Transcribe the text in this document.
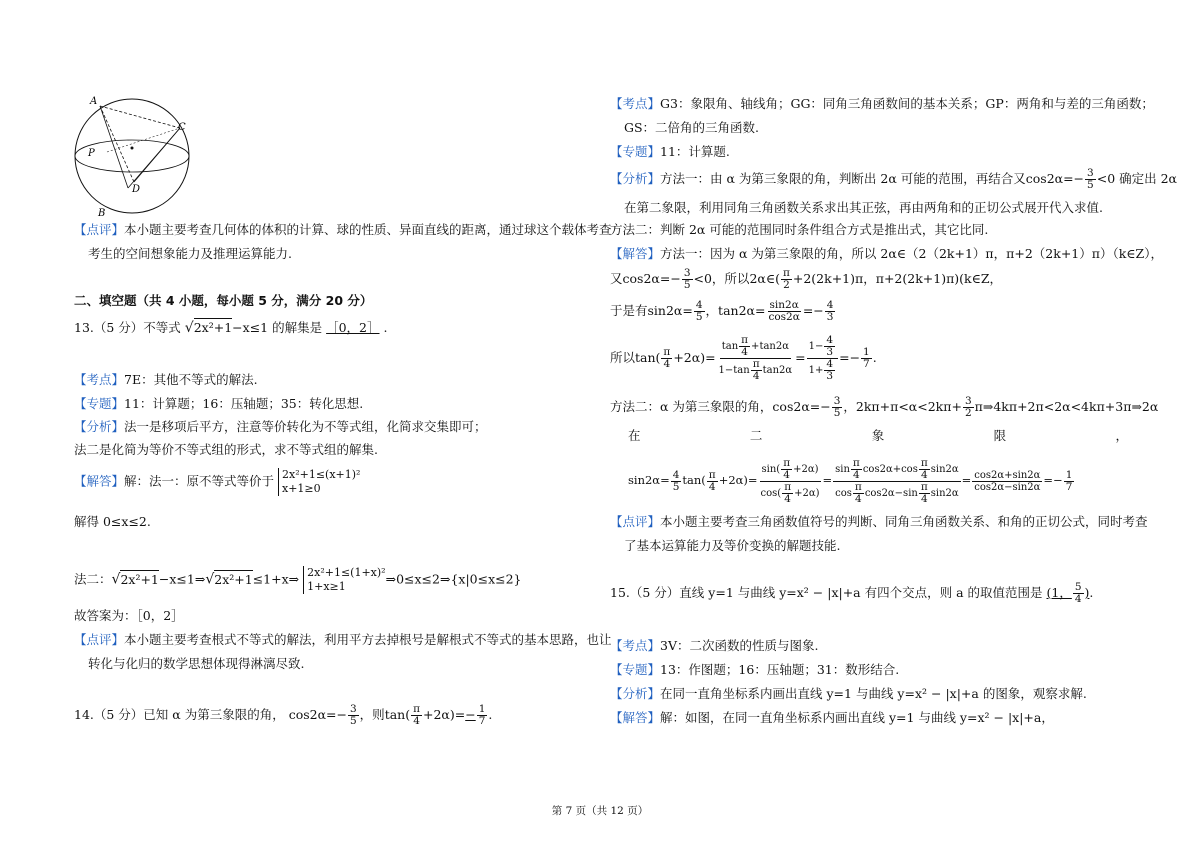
A
B
C
D
P
【点评】本小题主要考查几何体的体积的计算、球的性质、异面直线的距离，通过球这个载体考查
考生的空间想象能力及推理运算能力.
二、填空题（共 4 小题，每小题 5 分，满分 20 分）
13.（5 分）不等式 √2x²+1−x≤1 的解集是 ［0，2］ .
【考点】7E：其他不等式的解法.
【专题】11：计算题；16：压轴题；35：转化思想.
【分析】法一是移项后平方，注意等价转化为不等式组，化简求交集即可；
法二是化简为等价不等式组的形式，求不等式组的解集.
【解答】解：法一：原不等式等价于 2x²+1≤(x+1)²
x+1≥0
解得 0≤x≤2.
法二：√2x²+1−x≤1⇒√2x²+1≤1+x⇒ 2x²+1≤(1+x)²
1+x≥1	⇒0≤x≤2⇒{x|0≤x≤2}
故答案为：［0，2］
【点评】本小题主要考查根式不等式的解法，利用平方去掉根号是解根式不等式的基本思路，也让
转化与化归的数学思想体现得淋漓尽致.
14.（5 分）已知 α 为第三象限的角， $\cos 2\alpha=- \frac{3}{5}$ ，则$\tan( \frac{\pi}{4} +2\alpha)=- \frac{1}{7}$ .
【考点】G3：象限角、轴线角；GG：同角三角函数间的基本关系；GP：两角和与差的三角函数；
GS：二倍角的三角函数.
【专题】11：计算题.
【分析】方法一：由 α 为第三象限的角，判断出 2α 可能的范围，再结合又$\cos 2\alpha=- \frac{3}{5} <0$ 确定出 2α
在第二象限，利用同角三角函数关系求出其正弦，再由两角和的正切公式展开代入求值.
方法二：判断 2α 可能的范围同时条件组合方式是推出式，其它比同.
【解答】方法一：因为 α 为第三象限的角，所以 2α∈（2（2k+1）π，π+2（2k+1）π）（k∈Z），
又$\cos 2\alpha=- \frac{3}{5} <0$，所以2α∈( $\frac{\pi}{2} +2(2k+1)\pi$，π+2(2k+1)π)(k∈Z，
于是有$\sin 2\alpha= \frac{4}{5}$ ，$\tan 2\alpha= \frac{\sin 2\alpha}{\cos 2\alpha} =- \frac{4}{3}$
所以$\tan( \frac{\pi}{4} +2\alpha)= \frac{\tan \frac{\pi}{4} +\tan 2\alpha}{1-\tan \frac{\pi}{4} \tan 2\alpha} = \frac{1- \frac{4}{3}}{1+ \frac{4}{3}} =- \frac{1}{7}$ .
方法二：α 为第三象限的角，$\cos 2\alpha=- \frac{3}{5}$ ，$2k\pi+\pi<\alpha<2k\pi+ \frac{3}{2}$ π⇒4kπ+2π<2α<4kπ+3π⇒2α
在	二	象	限	，
$\sin 2\alpha= \frac{4}{5} \tan( \frac{\pi}{4} +2\alpha)= \frac{\sin( \frac{\pi}{4} +2\alpha)}{\cos( \frac{\pi}{4} +2\alpha)} = \frac{\sin \frac{\pi}{4} \cos 2\alpha+\cos \frac{\pi}{4} \sin 2\alpha}{\cos \frac{\pi}{4} \cos 2\alpha-\sin \frac{\pi}{4} \sin 2\alpha} = \frac{\cos 2\alpha+\sin 2\alpha}{\cos 2\alpha-\sin 2\alpha} =- \frac{1}{7}$
【点评】本小题主要考查三角函数值符号的判断、同角三角函数关系、和角的正切公式，同时考查
了基本运算能力及等价变换的解题技能.
15.（5 分）直线 y=1 与曲线 y=x² − |x|+a 有四个交点，则 a 的取值范围是 (1， $\frac{5}{4}$ ).
【考点】3V：二次函数的性质与图象.
【专题】13：作图题；16：压轴题；31：数形结合.
【分析】在同一直角坐标系内画出直线 y=1 与曲线 y=x² − |x|+a 的图象，观察求解.
【解答】解：如图，在同一直角坐标系内画出直线 y=1 与曲线 y=x² − |x|+a，
第 7 页（共 12 页）
